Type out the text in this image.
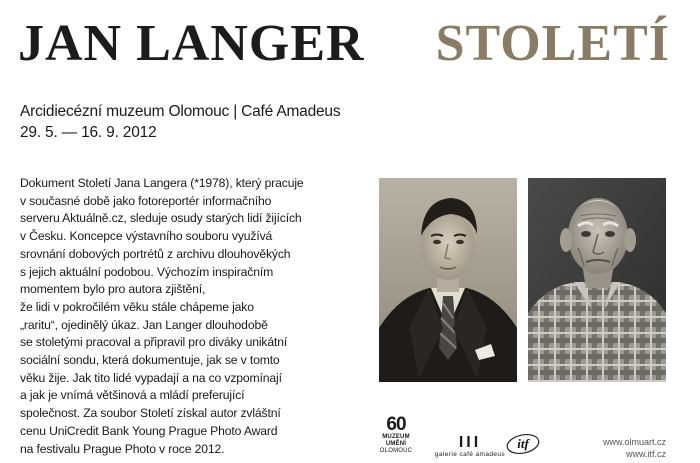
JAN LANGER STOLETÍ
Arcidiecézní muzeum Olomouc | Café Amadeus
29. 5. — 16. 9. 2012
Dokument Století Jana Langera (*1978), který pracuje
v současné době jako fotoreportér informačního
serveru Aktuálně.cz, sleduje osudy starých lidí žijících
v Česku. Koncepce výstavního souboru využívá
srovnání dobových portrétů z archivu dlouhověkých
s jejich aktuální podobou. Výchozím inspiračním
momentem bylo pro autora zjištění,
že lidi v pokročilém věku stále chápeme jako
„raritu“, ojedinělý úkaz. Jan Langer dlouhodobě
se stoletými pracoval a připravil pro diváky unikátní
sociální sondu, která dokumentuje, jak se v tomto
věku žije. Jak tito lidé vypadají a na co vzpomínají
a jak je vnímá většinová a mládí preferující
společnost. Za soubor Století získal autor zvláštní
cenu UniCredit Bank Young Prague Photo Award
na festivalu Prague Photo v roce 2012.
60
MUZEUM
UMĚNÍ
OLOMOUC	III
galerie café amadeus
itf	www.olmuart.cz
www.itf.cz
